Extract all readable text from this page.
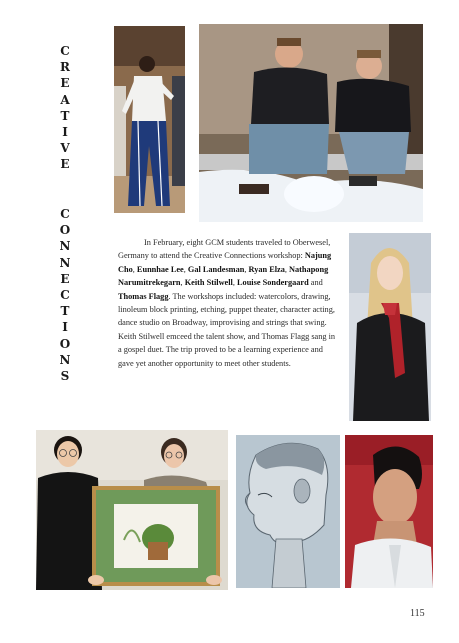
C
R
E
A
T
I
V
E
C
O
N
N
E
C
T
I
O
N
S

In February, eight GCM students traveled to Oberwesel, Germany to attend the Creative Connections workshop: Najung Cho, Eunnhae Lee, Gal Landesman, Ryan Elza, Nathapong Narumitrekegarn, Keith Stilwell, Louise Sondergaard and Thomas Flagg. The workshops included: watercolors, drawing, linoleum block printing, etching, puppet theater, character acting, dance studio on Broadway, improvising and strings that swing. Keith Stilwell emceed the talent show, and Thomas Flagg sang in a gospel duet. The trip proved to be a learning experience and gave yet another opportunity to meet other students.

115
